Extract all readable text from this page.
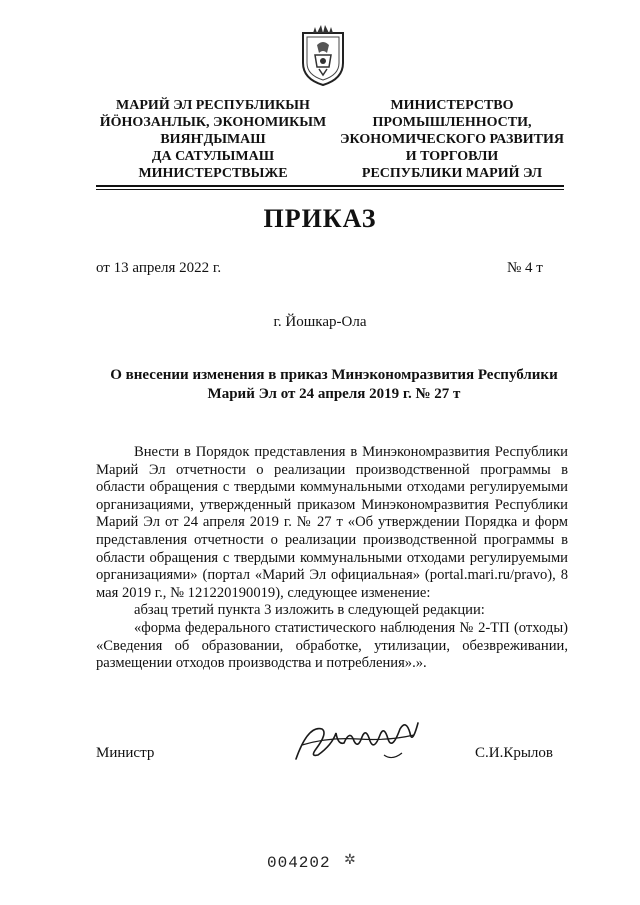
МАРИЙ ЭЛ РЕСПУБЛИКЫН
ЙӦНОЗАНЛЫК, ЭКОНОМИКЫМ
ВИЯҤДЫМАШ
ДА САТУЛЫМАШ
МИНИСТЕРСТВЫЖЕ
МИНИСТЕРСТВО
ПРОМЫШЛЕННОСТИ,
ЭКОНОМИЧЕСКОГО РАЗВИТИЯ
И ТОРГОВЛИ
РЕСПУБЛИКИ МАРИЙ ЭЛ
ПРИКАЗ
от 13 апреля 2022 г.	№ 4 т
г. Йошкар-Ола
О внесении изменения в приказ Минэкономразвития Республики Марий Эл от 24 апреля 2019 г. № 27 т

Внести в Порядок представления в Минэкономразвития Республики Марий Эл отчетности о реализации производственной программы в области обращения с твердыми коммунальными отходами регулируемыми организациями, утвержденный приказом Минэкономразвития Республики Марий Эл от 24 апреля 2019 г. № 27 т «Об утверждении Порядка и форм представления отчетности о реализации производственной программы в области обращения с твердыми коммунальными отходами регулируемыми организациями» (портал «Марий Эл официальная» (portal.mari.ru/pravo), 8 мая 2019 г., № 121220190019), следующее изменение:

абзац третий пункта 3 изложить в следующей редакции:

«форма федерального статистического наблюдения № 2-ТП (отходы) «Сведения об образовании, обработке, утилизации, обезвреживании, размещении отходов производства и потребления».».

Министр	С.И.Крылов
004202 ✲
